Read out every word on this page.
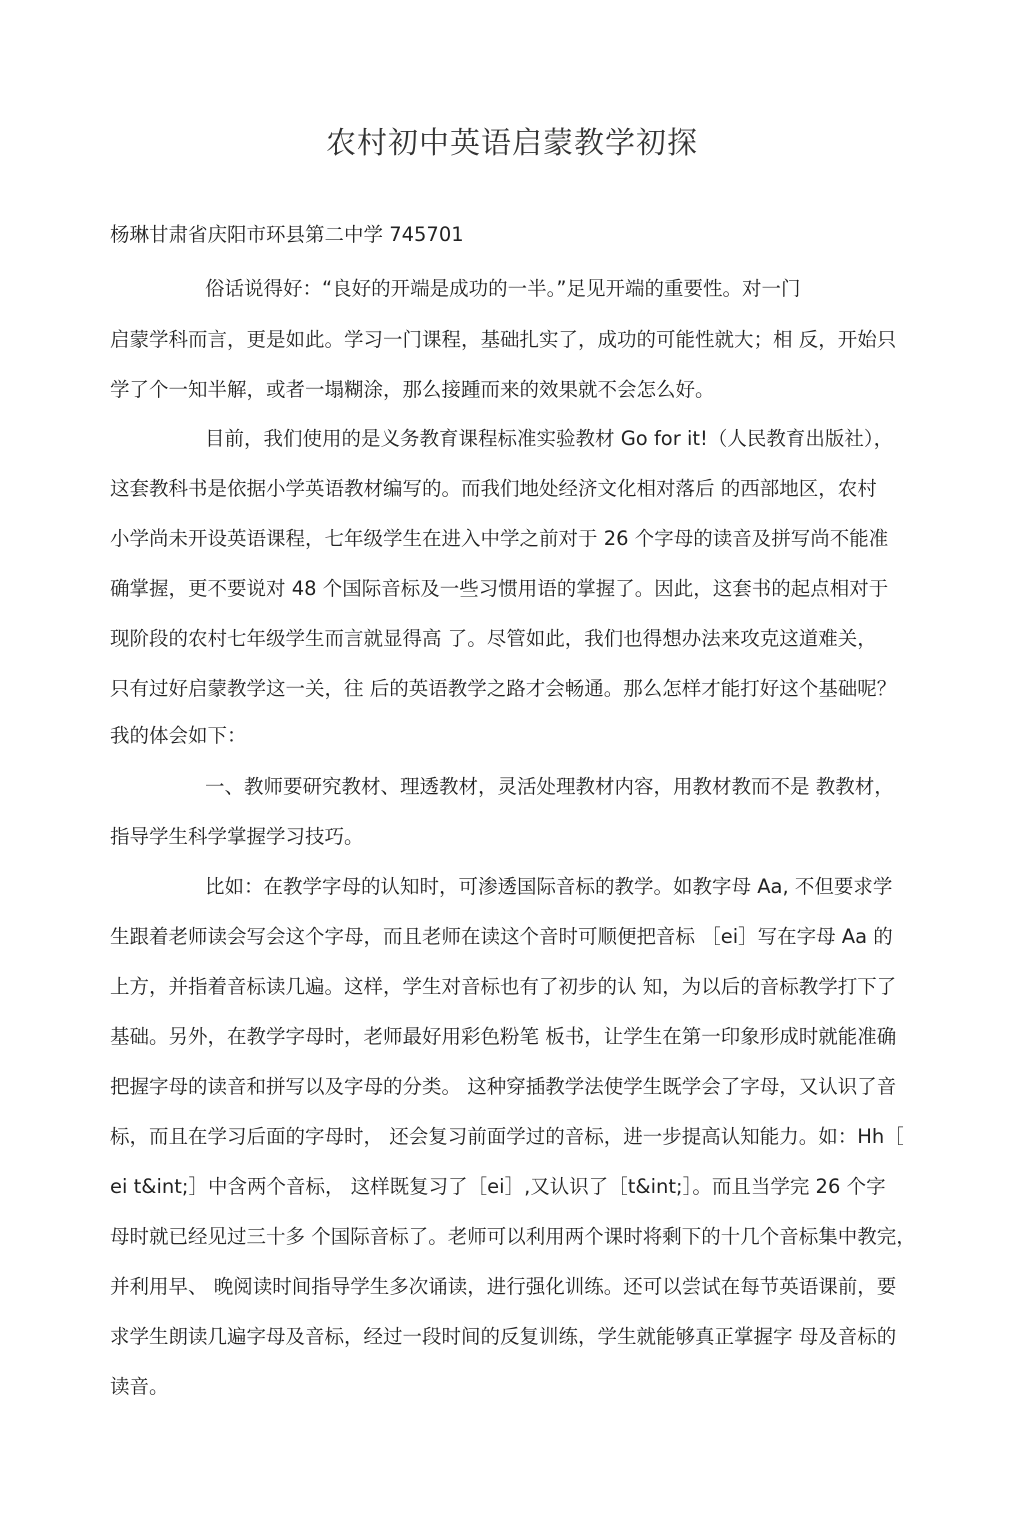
农村初中英语启蒙教学初探
杨琳甘肃省庆阳市环县第二中学 745701
俗话说得好：“良好的开端是成功的一半。”足见开端的重要性。对一门
启蒙学科而言，更是如此。学习一门课程，基础扎实了，成功的可能性就大；相 反，开始只
学了个一知半解，或者一塌糊涂，那么接踵而来的效果就不会怎么好。
目前，我们使用的是义务教育课程标准实验教材 Go for it!（人民教育出版社），
这套教科书是依据小学英语教材编写的。而我们地处经济文化相对落后 的西部地区，农村
小学尚未开设英语课程，七年级学生在进入中学之前对于 26 个字母的读音及拼写尚不能准
确掌握，更不要说对 48 个国际音标及一些习惯用语的掌握了。因此，这套书的起点相对于
现阶段的农村七年级学生而言就显得高 了。尽管如此，我们也得想办法来攻克这道难关，
只有过好启蒙教学这一关，往 后的英语教学之路才会畅通。那么怎样才能打好这个基础呢？
我的体会如下：
一、教师要研究教材、理透教材，灵活处理教材内容，用教材教而不是 教教材，
指导学生科学掌握学习技巧。
比如：在教学字母的认知时，可渗透国际音标的教学。如教字母 Aa, 不但要求学
生跟着老师读会写会这个字母，而且老师在读这个音时可顺便把音标 ［ei］写在字母 Aa 的
上方，并指着音标读几遍。这样，学生对音标也有了初步的认 知，为以后的音标教学打下了
基础。另外，在教学字母时，老师最好用彩色粉笔 板书，让学生在第一印象形成时就能准确
把握字母的读音和拼写以及字母的分类。 这种穿插教学法使学生既学会了字母，又认识了音
标，而且在学习后面的字母时， 还会复习前面学过的音标，进一步提高认知能力。如：Hh［
ei t&int;］中含两个音标， 这样既复习了［ei］,又认识了［t&int;］。而且当学完 26 个字
母时就已经见过三十多 个国际音标了。老师可以利用两个课时将剩下的十几个音标集中教完，
并利用早、 晚阅读时间指导学生多次诵读，进行强化训练。还可以尝试在每节英语课前，要
求学生朗读几遍字母及音标，经过一段时间的反复训练，学生就能够真正掌握字 母及音标的
读音。
